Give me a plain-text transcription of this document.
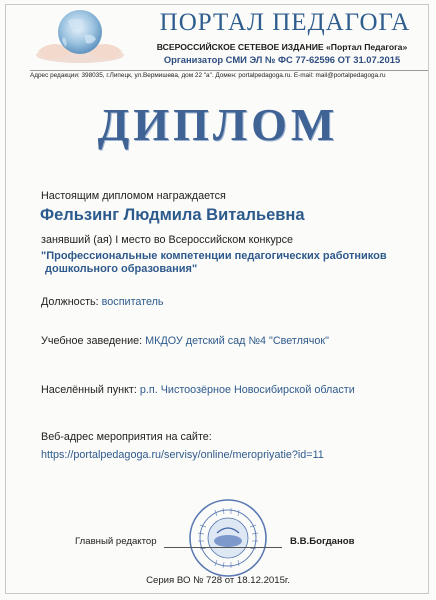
ПОРТАЛ ПЕДАГОГА
ВСЕРОССИЙСКОЕ СЕТЕВОЕ ИЗДАНИЕ «Портал Педагога»
Организатор СМИ ЭЛ № ФС 77-62596 ОТ 31.07.2015
Адрес редакции: 398035, г.Липецк, ул.Вермишева, дом 22 "а". Домен: portalpedagoga.ru. E-mail: mail@portalpedagoga.ru
ДИПЛОМ
Настоящим дипломом награждается
Фельзинг Людмила Витальевна
занявший (ая) I место во Всероссийском конкурсе
"Профессиональные компетенции педагогических работников
дошкольного образования"
Должность: воспитатель
Учебное заведение: МКДОУ детский сад №4 "Светлячок"
Населённый пункт: р.п. Чистоозёрное Новосибирской области
Веб-адрес мероприятия на сайте:
https://portalpedagoga.ru/servisy/online/meropriyatie?id=11
Главный редактор	В.В.Богданов
Серия ВО № 728 от 18.12.2015г.
